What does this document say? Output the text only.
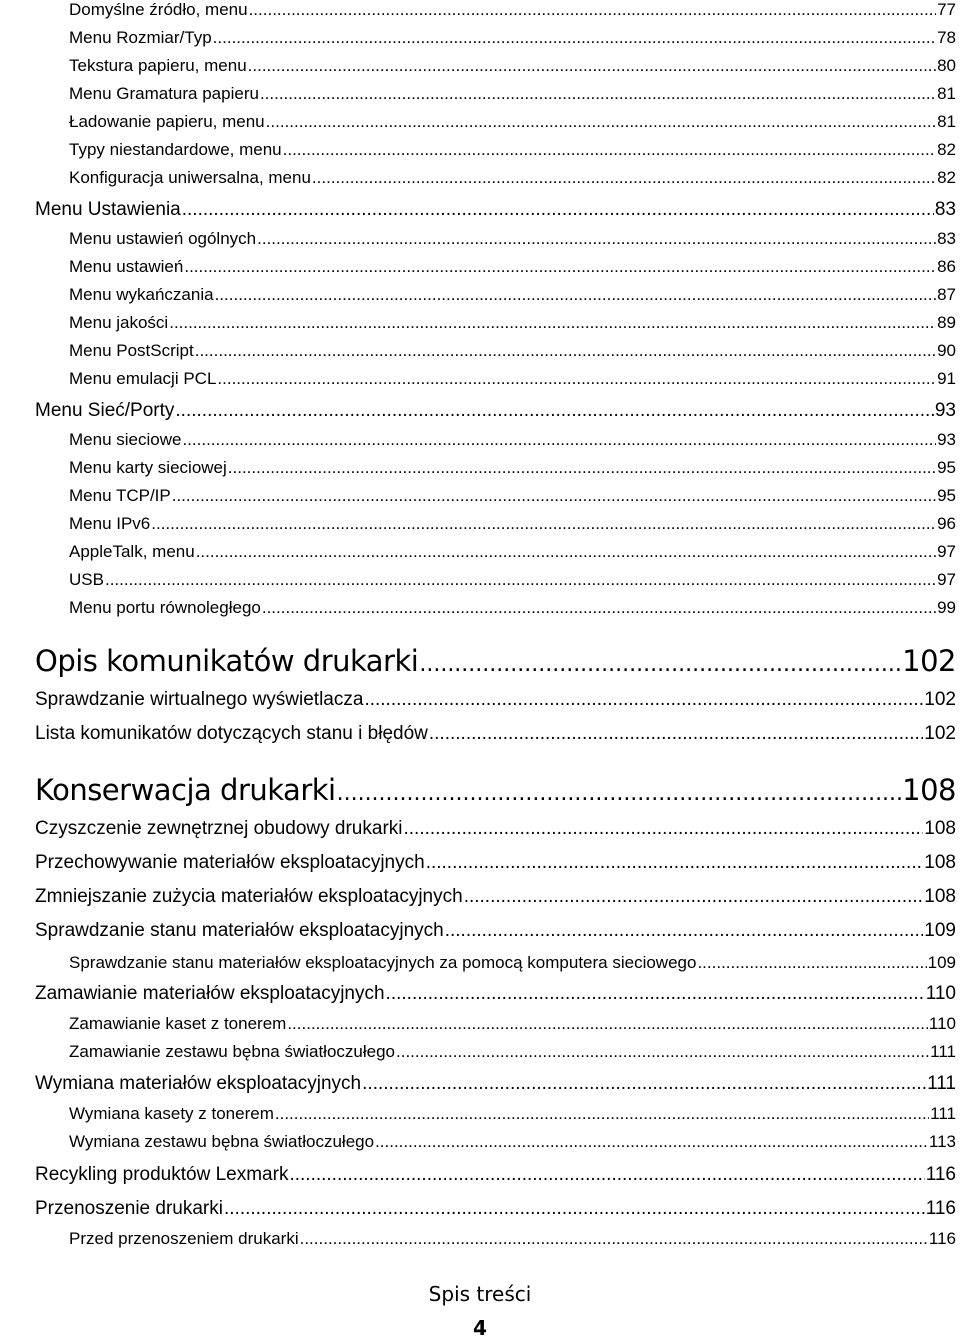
Domyślne źródło, menu .....	77
Menu Rozmiar/Typ .....	78
Tekstura papieru, menu .....	80
Menu Gramatura papieru .....	81
Ładowanie papieru, menu .....	81
Typy niestandardowe, menu .....	82
Konfiguracja uniwersalna, menu .....	82
Menu Ustawienia .....	83
Menu ustawień ogólnych .....	83
Menu ustawień .....	86
Menu wykańczania .....	87
Menu jakości .....	89
Menu PostScript .....	90
Menu emulacji PCL .....	91
Menu Sieć/Porty .....	93
Menu sieciowe .....	93
Menu karty sieciowej .....	95
Menu TCP/IP .....	95
Menu IPv6 .....	96
AppleTalk, menu .....	97
USB .....	97
Menu portu równoległego .....	99
Opis komunikatów drukarki .....	102
Sprawdzanie wirtualnego wyświetlacza .....	102
Lista komunikatów dotyczących stanu i błędów .....	102
Konserwacja drukarki .....	108
Czyszczenie zewnętrznej obudowy drukarki .....	108
Przechowywanie materiałów eksploatacyjnych .....	108
Zmniejszanie zużycia materiałów eksploatacyjnych .....	108
Sprawdzanie stanu materiałów eksploatacyjnych .....	109
Sprawdzanie stanu materiałów eksploatacyjnych za pomocą komputera sieciowego .....	109
Zamawianie materiałów eksploatacyjnych .....	110
Zamawianie kaset z tonerem .....	110
Zamawianie zestawu bębna światłoczułego .....	111
Wymiana materiałów eksploatacyjnych .....	111
Wymiana kasety z tonerem .....	111
Wymiana zestawu bębna światłoczułego .....	113
Recykling produktów Lexmark .....	116
Przenoszenie drukarki .....	116
Przed przenoszeniem drukarki .....	116
Spis treści
4
